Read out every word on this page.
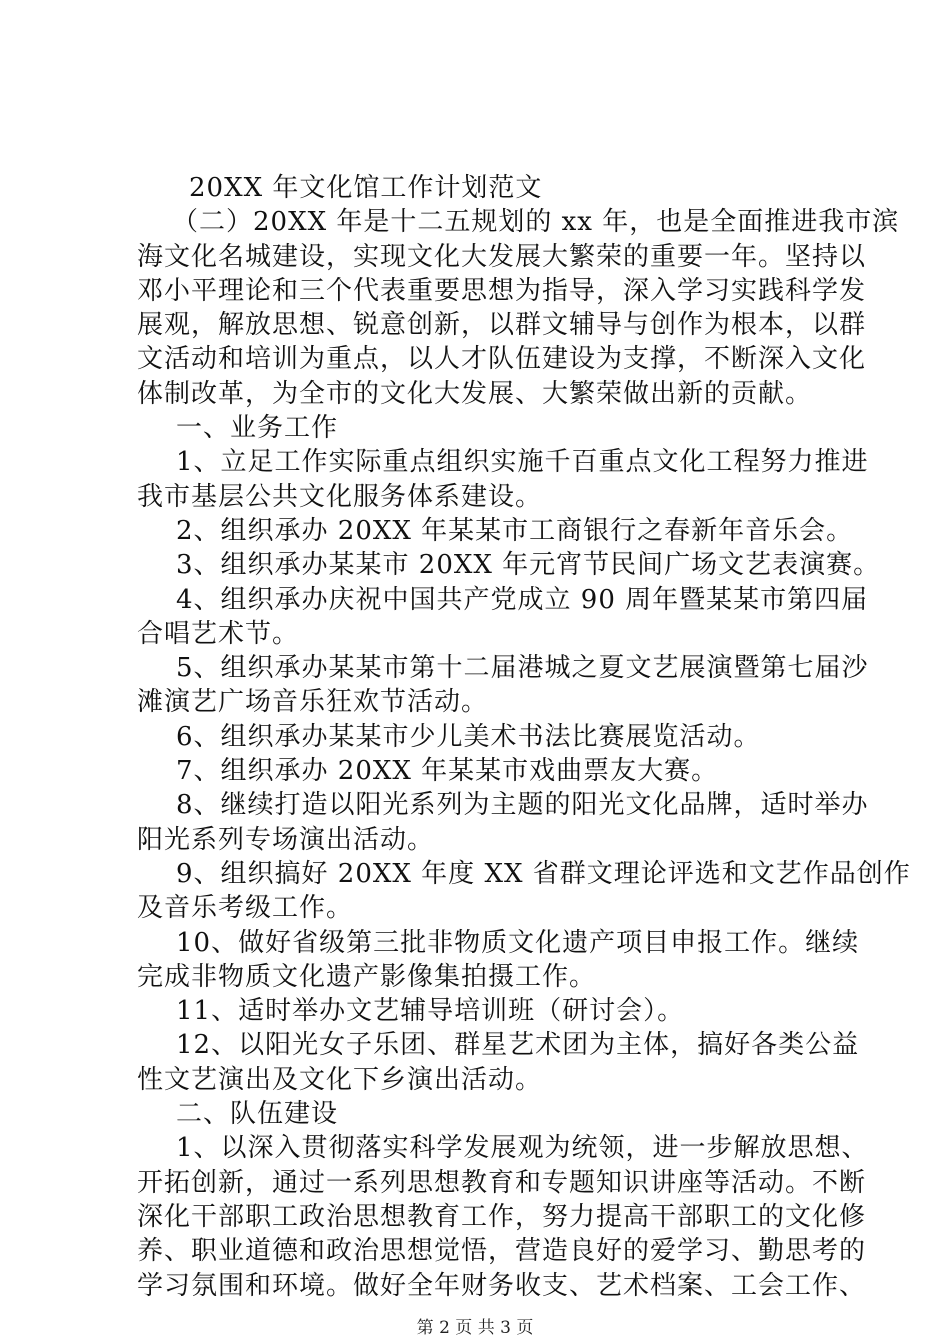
20XX 年文化馆工作计划范文
（二）20XX 年是十二五规划的 xx 年，也是全面推进我市滨
海文化名城建设，实现文化大发展大繁荣的重要一年。坚持以
邓小平理论和三个代表重要思想为指导，深入学习实践科学发
展观，解放思想、锐意创新，以群文辅导与创作为根本，以群
文活动和培训为重点，以人才队伍建设为支撑，不断深入文化
体制改革，为全市的文化大发展、大繁荣做出新的贡献。
一、业务工作
1、立足工作实际重点组织实施千百重点文化工程努力推进
我市基层公共文化服务体系建设。
2、组织承办 20XX 年某某市工商银行之春新年音乐会。
3、组织承办某某市 20XX 年元宵节民间广场文艺表演赛。
4、组织承办庆祝中国共产党成立 90 周年暨某某市第四届
合唱艺术节。
5、组织承办某某市第十二届港城之夏文艺展演暨第七届沙
滩演艺广场音乐狂欢节活动。
6、组织承办某某市少儿美术书法比赛展览活动。
7、组织承办 20XX 年某某市戏曲票友大赛。
8、继续打造以阳光系列为主题的阳光文化品牌，适时举办
阳光系列专场演出活动。
9、组织搞好 20XX 年度 XX 省群文理论评选和文艺作品创作
及音乐考级工作。
10、做好省级第三批非物质文化遗产项目申报工作。继续
完成非物质文化遗产影像集拍摄工作。
11、适时举办文艺辅导培训班（研讨会）。
12、以阳光女子乐团、群星艺术团为主体，搞好各类公益
性文艺演出及文化下乡演出活动。
二、队伍建设
1、以深入贯彻落实科学发展观为统领，进一步解放思想、
开拓创新，通过一系列思想教育和专题知识讲座等活动。不断
深化干部职工政治思想教育工作，努力提高干部职工的文化修
养、职业道德和政治思想觉悟，营造良好的爱学习、勤思考的
学习氛围和环境。做好全年财务收支、艺术档案、工会工作、
第 2 页 共 3 页
